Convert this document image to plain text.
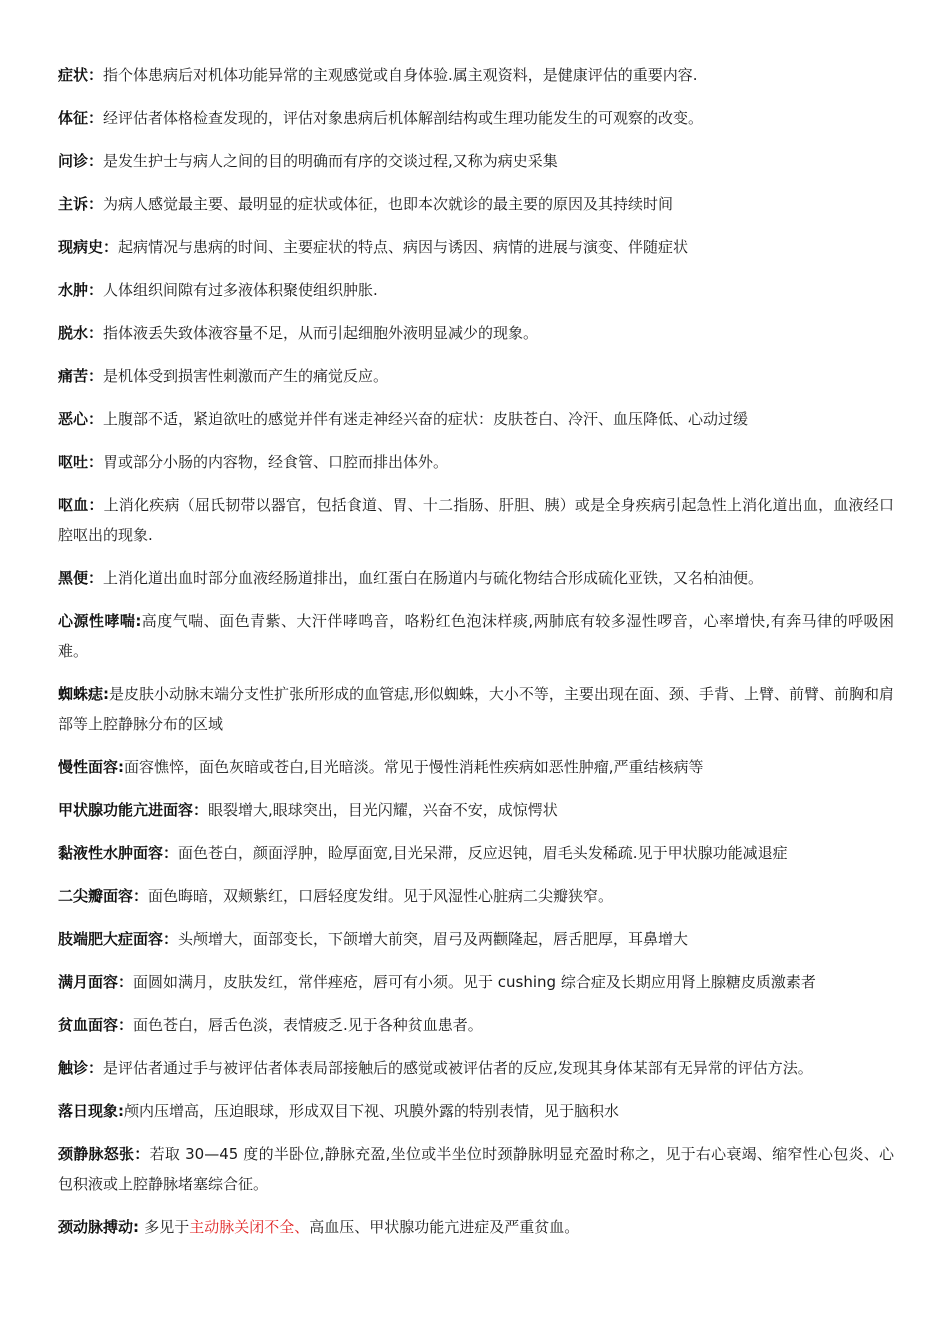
症状：指个体患病后对机体功能异常的主观感觉或自身体验.属主观资料，是健康评估的重要内容.

体征：经评估者体格检查发现的，评估对象患病后机体解剖结构或生理功能发生的可观察的改变。

问诊：是发生护士与病人之间的目的明确而有序的交谈过程,又称为病史采集

主诉：为病人感觉最主要、最明显的症状或体征，也即本次就诊的最主要的原因及其持续时间

现病史：起病情况与患病的时间、主要症状的特点、病因与诱因、病情的进展与演变、伴随症状

水肿：人体组织间隙有过多液体积聚使组织肿胀.

脱水：指体液丢失致体液容量不足，从而引起细胞外液明显减少的现象。

痛苦：是机体受到损害性刺激而产生的痛觉反应。

恶心：上腹部不适，紧迫欲吐的感觉并伴有迷走神经兴奋的症状：皮肤苍白、冷汗、血压降低、心动过缓

呕吐：胃或部分小肠的内容物，经食管、口腔而排出体外。

呕血：上消化疾病（屈氏韧带以器官，包括食道、胃、十二指肠、肝胆、胰）或是全身疾病引起急性上消化道出血，血液经口腔呕出的现象.

黑便：上消化道出血时部分血液经肠道排出，血红蛋白在肠道内与硫化物结合形成硫化亚铁，又名柏油便。

心源性哮喘:高度气喘、面色青紫、大汗伴哮鸣音，咯粉红色泡沫样痰,两肺底有较多湿性啰音，心率增快,有奔马律的呼吸困难。

蜘蛛痣:是皮肤小动脉末端分支性扩张所形成的血管痣,形似蜘蛛，大小不等，主要出现在面、颈、手背、上臂、前臂、前胸和肩部等上腔静脉分布的区域

慢性面容:面容憔悴，面色灰暗或苍白,目光暗淡。常见于慢性消耗性疾病如恶性肿瘤,严重结核病等

甲状腺功能亢进面容：眼裂增大,眼球突出，目光闪耀，兴奋不安，成惊愕状

黏液性水肿面容：面色苍白，颜面浮肿，睑厚面宽,目光呆滞，反应迟钝，眉毛头发稀疏.见于甲状腺功能减退症

二尖瓣面容：面色晦暗，双颊紫红，口唇轻度发绀。见于风湿性心脏病二尖瓣狭窄。

肢端肥大症面容：头颅增大，面部变长，下颌增大前突，眉弓及两颧隆起，唇舌肥厚，耳鼻增大

满月面容：面圆如满月，皮肤发红，常伴痤疮，唇可有小须。见于 cushing 综合症及长期应用肾上腺糖皮质激素者

贫血面容：面色苍白，唇舌色淡，表情疲乏.见于各种贫血患者。

触诊：是评估者通过手与被评估者体表局部接触后的感觉或被评估者的反应,发现其身体某部有无异常的评估方法。

落日现象:颅内压增高，压迫眼球，形成双目下视、巩膜外露的特别表情，见于脑积水

颈静脉怒张：若取 30—45 度的半卧位,静脉充盈,坐位或半坐位时颈静脉明显充盈时称之，见于右心衰竭、缩窄性心包炎、心包积液或上腔静脉堵塞综合征。

颈动脉搏动: 多见于主动脉关闭不全、高血压、甲状腺功能亢进症及严重贫血。
